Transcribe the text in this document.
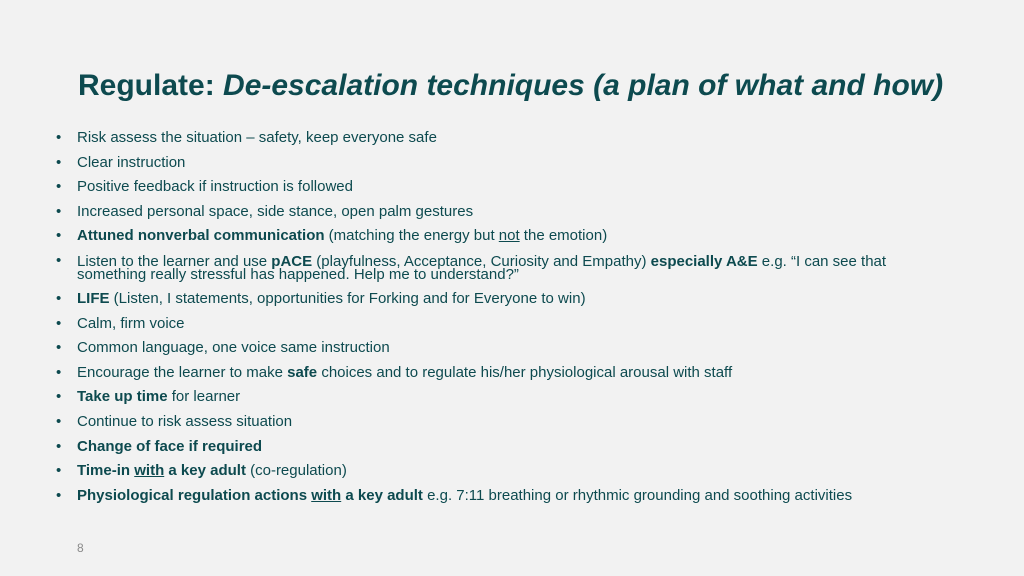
Regulate: De-escalation techniques (a plan of what and how)
• Risk assess the situation – safety, keep everyone safe
• Clear instruction
• Positive feedback if instruction is followed
• Increased personal space, side stance, open palm gestures
• Attuned nonverbal communication (matching the energy but not the emotion)
• Listen to the learner and use pACE (playfulness, Acceptance, Curiosity and Empathy) especially A&E e.g. “I can see that something really stressful has happened. Help me to understand?”
• LIFE (Listen, I statements, opportunities for Forking and for Everyone to win)
• Calm, firm voice
• Common language, one voice same instruction
• Encourage the learner to make safe choices and to regulate his/her physiological arousal with staff
• Take up time for learner
• Continue to risk assess situation
• Change of face if required
• Time-in with a key adult (co-regulation)
• Physiological regulation actions with a key adult e.g. 7:11 breathing or rhythmic grounding and soothing activities
8
